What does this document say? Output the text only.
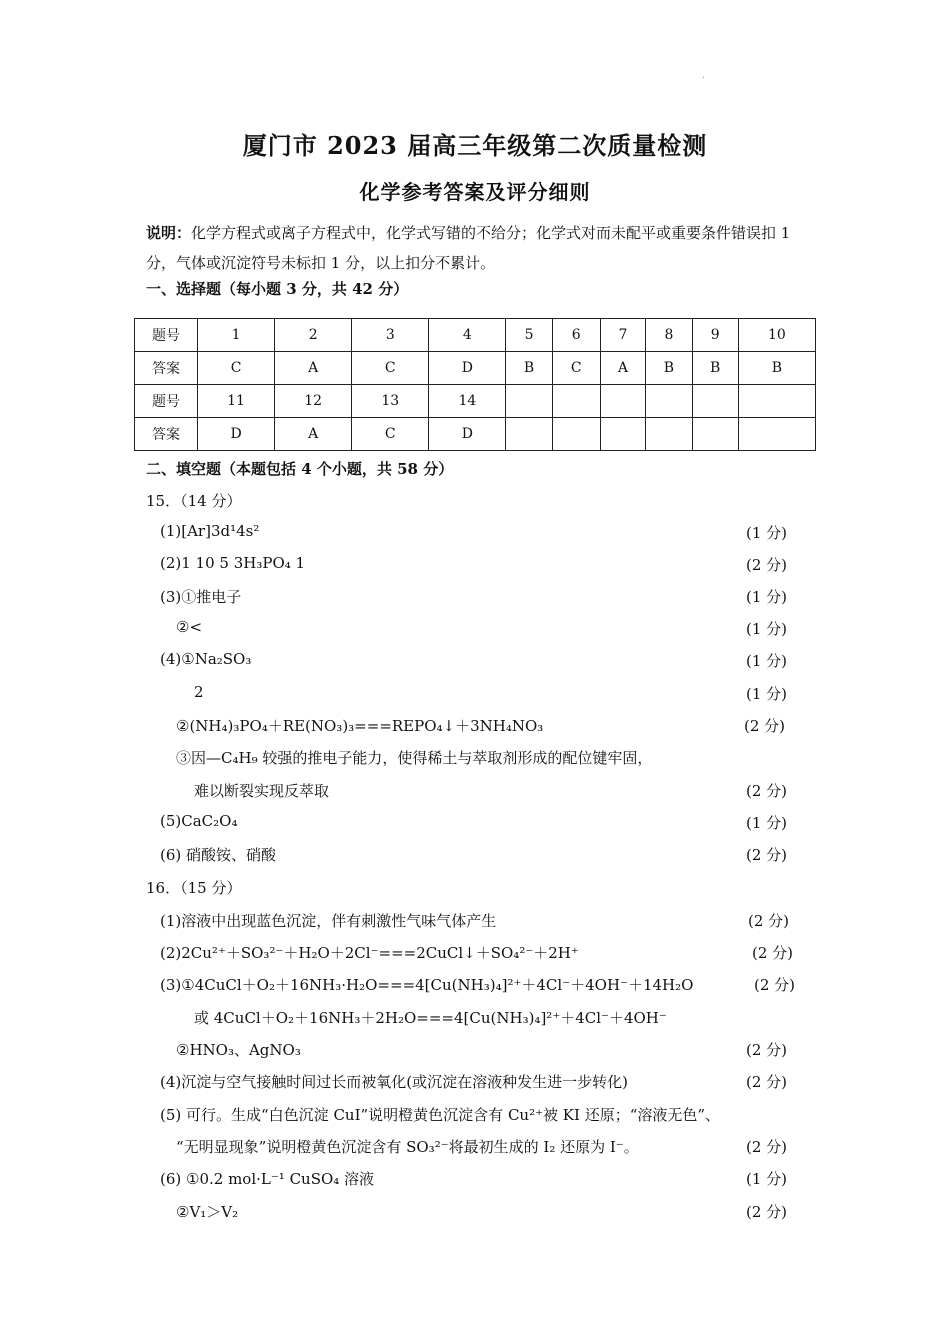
.
厦门市 2023 届高三年级第二次质量检测
化学参考答案及评分细则
说明：化学方程式或离子方程式中，化学式写错的不给分；化学式对而未配平或重要条件错误扣 1 分，气体或沉淀符号未标扣 1 分，以上扣分不累计。
一、选择题（每小题 3 分，共 42 分）
题号	1	2	3	4	5	6	7	8	9	10
答案	C	A	C	D	B	C	A	B	B	B
题号	11	12	13	14						
答案	D	A	C	D						
二、填空题（本题包括 4 个小题，共 58 分）
15．（14 分）
(1)[Ar]3d¹4s²	(1 分)
(2)1 10 5 3H₃PO₄ 1	(2 分)
(3)①推电子	(1 分)
②<	(1 分)
(4)①Na₂SO₃	(1 分)
2	(1 分)
②(NH₄)₃PO₄＋RE(NO₃)₃===REPO₄↓＋3NH₄NO₃	(2 分)
③因—C₄H₉ 较强的推电子能力，使得稀土与萃取剂形成的配位键牢固，
难以断裂实现反萃取	(2 分)
(5)CaC₂O₄	(1 分)
(6) 硝酸铵、硝酸	(2 分)
16．（15 分）
(1)溶液中出现蓝色沉淀，伴有刺激性气味气体产生	(2 分)
(2)2Cu²⁺＋SO₃²⁻＋H₂O＋2Cl⁻===2CuCl↓＋SO₄²⁻＋2H⁺	(2 分)
(3)①4CuCl＋O₂＋16NH₃·H₂O===4[Cu(NH₃)₄]²⁺＋4Cl⁻＋4OH⁻＋14H₂O	(2 分)
或 4CuCl＋O₂＋16NH₃＋2H₂O===4[Cu(NH₃)₄]²⁺＋4Cl⁻＋4OH⁻
②HNO₃、AgNO₃	(2 分)
(4)沉淀与空气接触时间过长而被氧化(或沉淀在溶液种发生进一步转化)	(2 分)
(5) 可行。生成“白色沉淀 CuI”说明橙黄色沉淀含有 Cu²⁺被 KI 还原；“溶液无色”、
“无明显现象”说明橙黄色沉淀含有 SO₃²⁻将最初生成的 I₂ 还原为 I⁻。	(2 分)
(6) ①0.2 mol·L⁻¹ CuSO₄ 溶液	(1 分)
②V₁＞V₂	(2 分)
